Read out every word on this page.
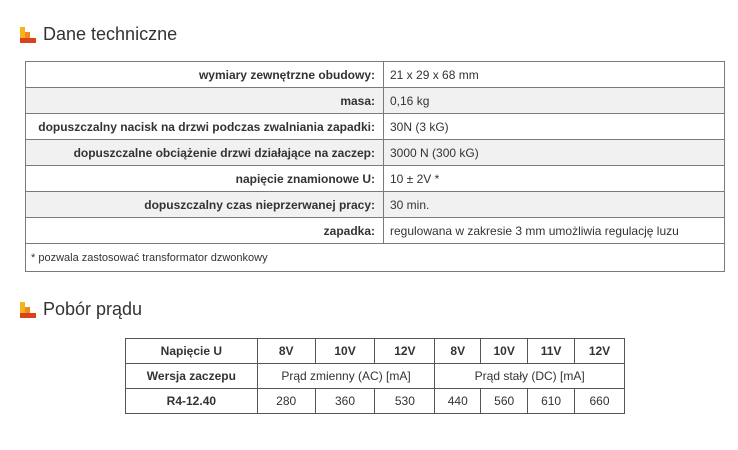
Dane techniczne
wymiary zewnętrzne obudowy:	21 x 29 x 68 mm
masa:	0,16 kg
dopuszczalny nacisk na drzwi podczas zwalniania zapadki:	30N (3 kG)
dopuszczalne obciążenie drzwi działające na zaczep:	3000 N (300 kG)
napięcie znamionowe U:	10 ± 2V *
dopuszczalny czas nieprzerwanej pracy:	30 min.
zapadka:	regulowana w zakresie 3 mm umożliwia regulację luzu
* pozwala zastosować transformator dzwonkowy	
Pobór prądu
Napięcie U	8V	10V	12V	8V	10V	11V	12V
Wersja zaczepu	Prąd zmienny (AC) [mA]			Prąd stały (DC) [mA]			
R4-12.40	280	360	530	440	560	610	660
